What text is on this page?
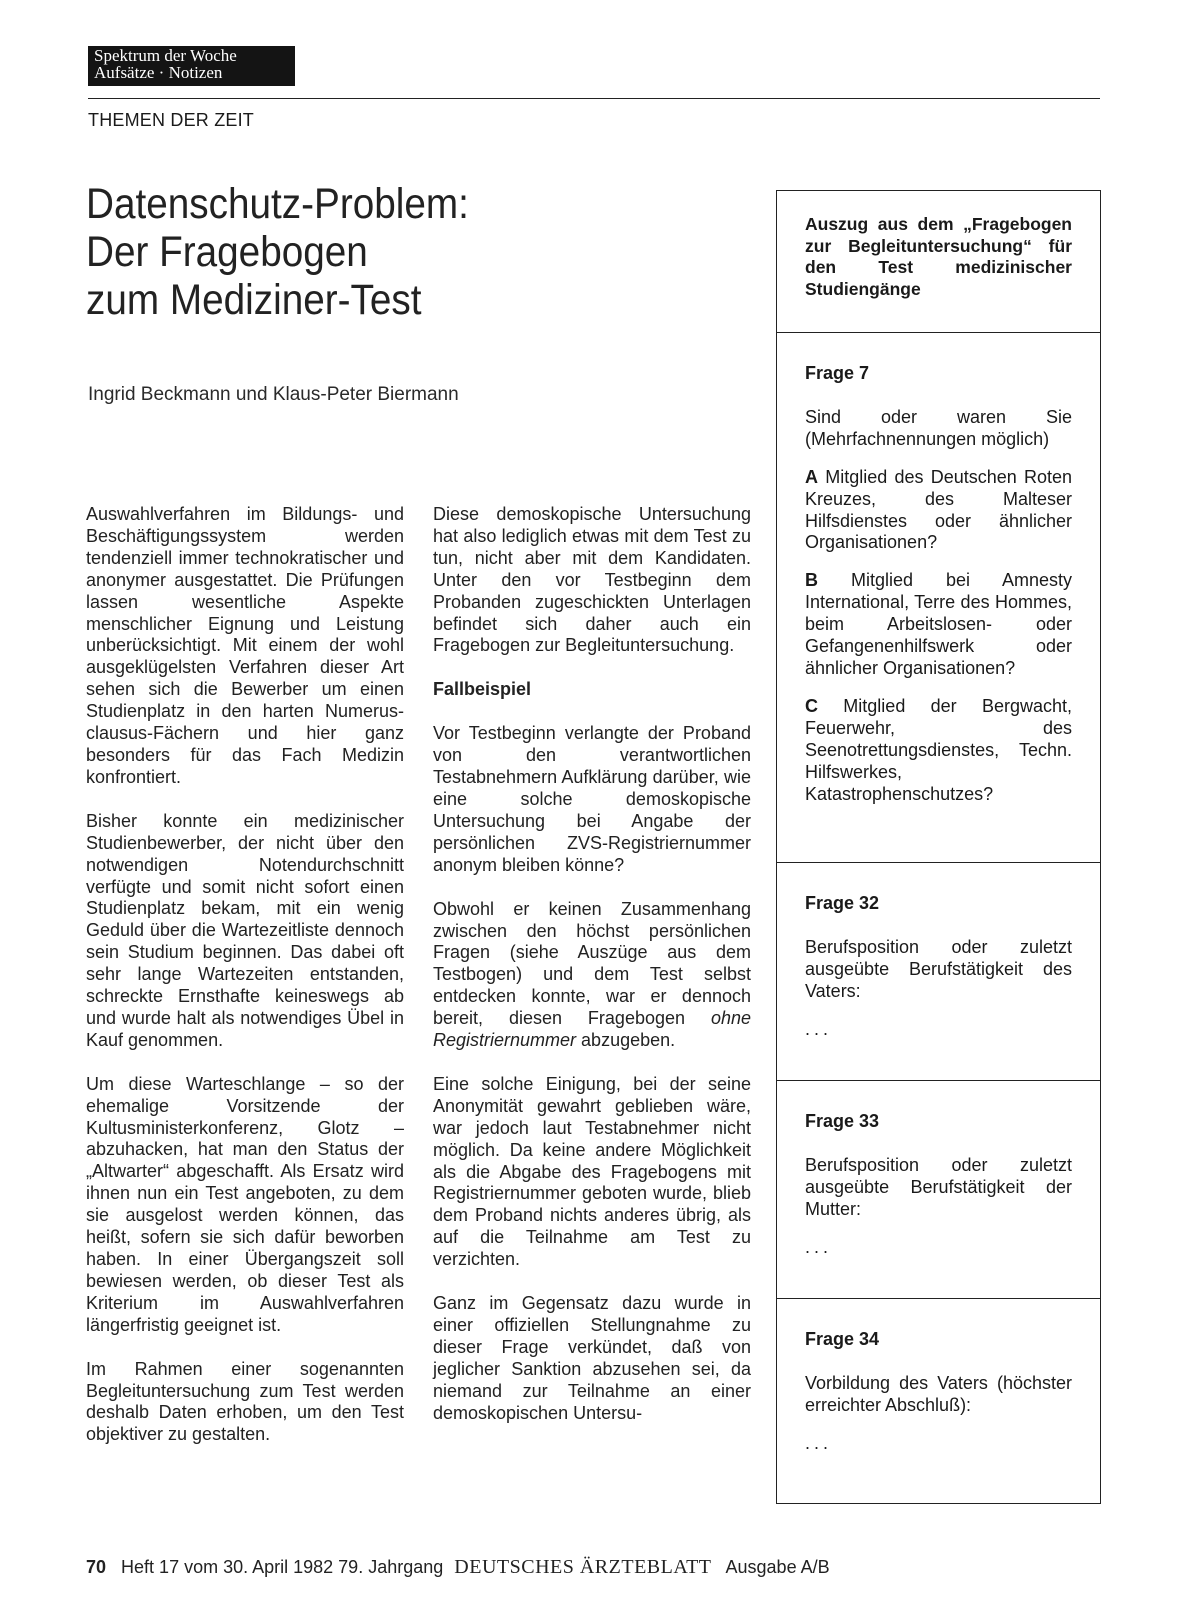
Spektrum der Woche
Aufsätze · Notizen
THEMEN DER ZEIT
Datenschutz-Problem:
Der Fragebogen
zum Mediziner-Test
Ingrid Beckmann und Klaus-Peter Biermann

Auswahlverfahren im Bildungs- und Beschäftigungssystem werden tendenziell immer technokratischer und anonymer ausgestattet. Die Prüfungen lassen wesentliche Aspekte menschlicher Eignung und Leistung unberücksichtigt. Mit einem der wohl ausgeklügelsten Verfahren dieser Art sehen sich die Bewerber um einen Studienplatz in den harten Numerus-clausus-Fächern und hier ganz besonders für das Fach Medizin konfrontiert.

Bisher konnte ein medizinischer Studienbewerber, der nicht über den notwendigen Notendurchschnitt verfügte und somit nicht sofort einen Studienplatz bekam, mit ein wenig Geduld über die Wartezeitliste dennoch sein Studium beginnen. Das dabei oft sehr lange Wartezeiten entstanden, schreckte Ernsthafte keineswegs ab und wurde halt als notwendiges Übel in Kauf genommen.

Um diese Warteschlange – so der ehemalige Vorsitzende der Kultusministerkonferenz, Glotz – abzuhacken, hat man den Status der „Altwarter“ abgeschafft. Als Ersatz wird ihnen nun ein Test angeboten, zu dem sie ausgelost werden können, das heißt, sofern sie sich dafür beworben haben. In einer Übergangszeit soll bewiesen werden, ob dieser Test als Kriterium im Auswahlverfahren längerfristig geeignet ist.

Im Rahmen einer sogenannten Begleituntersuchung zum Test werden deshalb Daten erhoben, um den Test objektiver zu gestalten.

Diese demoskopische Untersuchung hat also lediglich etwas mit dem Test zu tun, nicht aber mit dem Kandidaten. Unter den vor Testbeginn dem Probanden zugeschickten Unterlagen befindet sich daher auch ein Fragebogen zur Begleituntersuchung.

Fallbeispiel

Vor Testbeginn verlangte der Proband von den verantwortlichen Testabnehmern Aufklärung darüber, wie eine solche demoskopische Untersuchung bei Angabe der persönlichen ZVS-Registriernummer anonym bleiben könne?

Obwohl er keinen Zusammenhang zwischen den höchst persönlichen Fragen (siehe Auszüge aus dem Testbogen) und dem Test selbst entdecken konnte, war er dennoch bereit, diesen Fragebogen ohne Registriernummer abzugeben.

Eine solche Einigung, bei der seine Anonymität gewahrt geblieben wäre, war jedoch laut Testabnehmer nicht möglich. Da keine andere Möglichkeit als die Abgabe des Fragebogens mit Registriernummer geboten wurde, blieb dem Proband nichts anderes übrig, als auf die Teilnahme am Test zu verzichten.

Ganz im Gegensatz dazu wurde in einer offiziellen Stellungnahme zu dieser Frage verkündet, daß von jeglicher Sanktion abzusehen sei, da niemand zur Teilnahme an einer demoskopischen Untersu-

Auszug aus dem „Fragebogen zur Begleituntersuchung“ für den Test medizinischer Studiengänge
Frage 7

Sind oder waren Sie (Mehrfachnennungen möglich)

A Mitglied des Deutschen Roten Kreuzes, des Malteser Hilfsdienstes oder ähnlicher Organisationen?

B Mitglied bei Amnesty International, Terre des Hommes, beim Arbeitslosen- oder Gefangenenhilfswerk oder ähnlicher Organisationen?

C Mitglied der Bergwacht, Feuerwehr, des Seenotrettungsdienstes, Techn. Hilfswerkes, Katastrophenschutzes?

Frage 32

Berufsposition oder zuletzt ausgeübte Berufstätigkeit des Vaters:

...

Frage 33

Berufsposition oder zuletzt ausgeübte Berufstätigkeit der Mutter:

...

Frage 34

Vorbildung des Vaters (höchster erreichter Abschluß):

...

70 Heft 17 vom 30. April 1982 79. Jahrgang DEUTSCHES ÄRZTEBLATT Ausgabe A/B
